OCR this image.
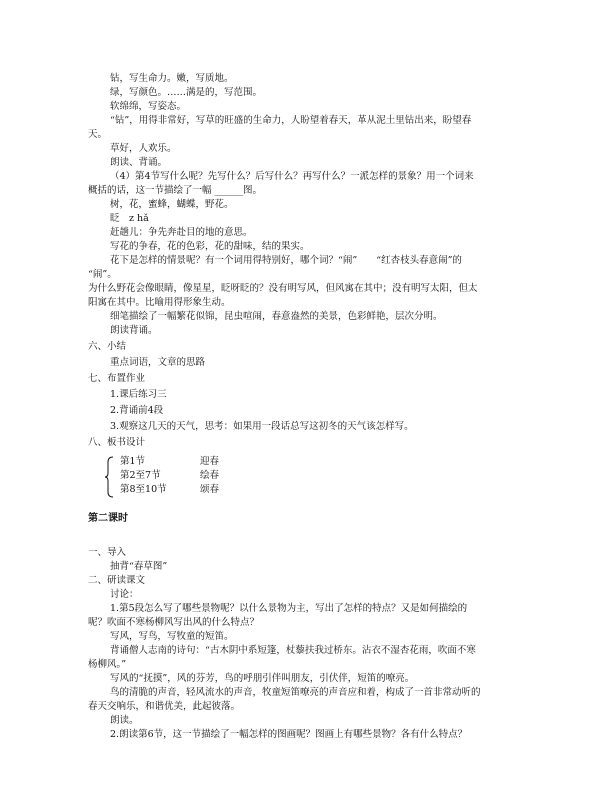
钻，写生命力。嫩，写质地。
绿，写颜色。……满是的，写范围。
软绵绵，写姿态。
“钻”，用得非常好，写草的旺盛的生命力，人盼望着春天，革从泥土里钻出来，盼望春
天。
草好，人欢乐。
朗读、背诵。
（4）第4节写什么呢？先写什么？后写什么？再写什么？一派怎样的景象？用一个词来
概括的话，这一节描绘了一幅 ______图。
树，花，蜜蜂，蝴蝶，野花。
眨　z hǎ
赶趟儿：争先奔赴目的地的意思。
写花的争春，花的色彩，花的甜味，结的果实。
花下是怎样的情景呢？有一个词用得特别好，哪个词？“闹”　　“红杏枝头春意闹”的
“闹”。
为什么野花会像眼睛，像星星，眨呀眨的？没有明写风，但风寓在其中；没有明写太阳，但太
阳寓在其中。比喻用得形象生动。
细笔描绘了一幅繁花似锦，昆虫喧闹，春意盎然的美景，色彩鲜艳，层次分明。
朗读背诵。
六、小结
重点词语，文章的思路
七、布置作业
1.课后练习三
2.背诵前4段
3.观察这几天的天气，思考：如果用一段话总写这初冬的天气该怎样写。
八、板书设计
第1节	迎春
第2至7节	绘春
第8至10节	颂春
第二课时
一、导入
抽背“春草图”
二、研读课文
讨论：
1.第5段怎么写了哪些景物呢？以什么景物为主，写出了怎样的特点？又是如何描绘的
呢？吹面不寒杨柳风写出风的什么特点？
写风，写鸟，写牧童的短笛。
背诵僧人志南的诗句：“古木阴中系短篷，杖藜扶我过桥东。沾衣不湿杏花雨，吹面不寒
杨柳风。”
写风的“抚摸”，风的芬芳，鸟的呼朋引伴叫朋友，引伏伴，短笛的嘹亮。
鸟的清脆的声音，轻风流水的声音，牧童短笛嘹亮的声音应和着，构成了一首非常动听的
春天交响乐，和谐优美，此起彼落。
朗读。
2.朗读第6节，这一节描绘了一幅怎样的图画呢？图画上有哪些景物？各有什么特点？
